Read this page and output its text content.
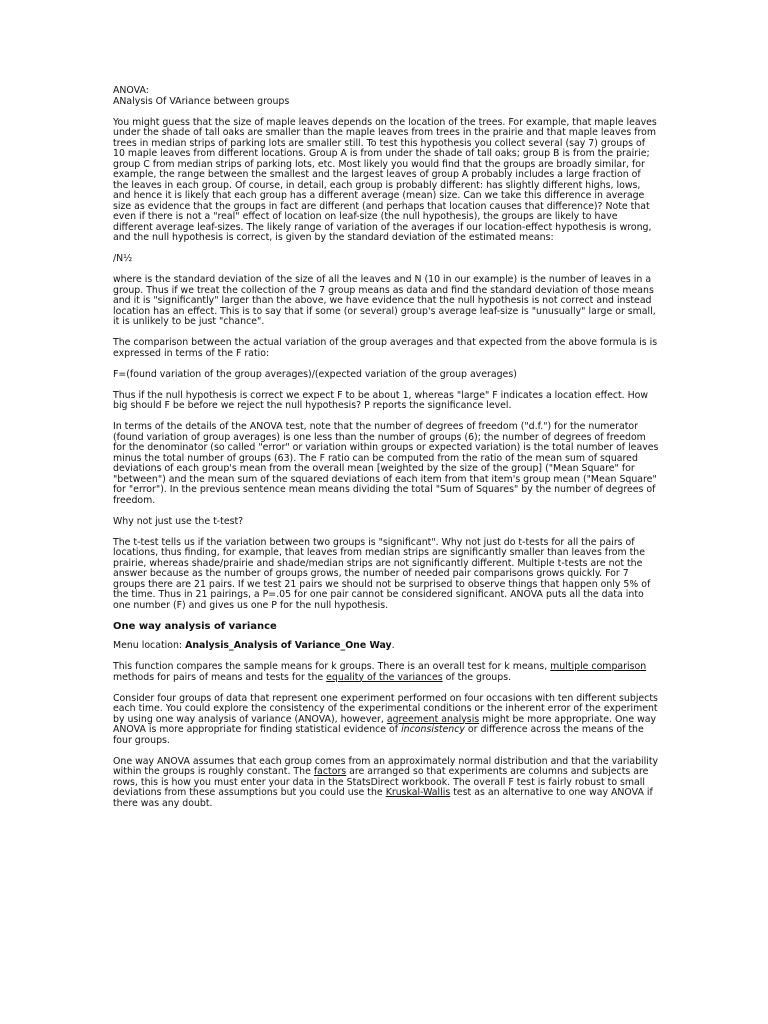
ANOVA:

ANalysis Of VAriance between groups

You might guess that the size of maple leaves depends on the location of the trees. For example, that maple leaves under the shade of tall oaks are smaller than the maple leaves from trees in the prairie and that maple leaves from trees in median strips of parking lots are smaller still. To test this hypothesis you collect several (say 7) groups of 10 maple leaves from different locations. Group A is from under the shade of tall oaks; group B is from the prairie; group C from median strips of parking lots, etc. Most likely you would find that the groups are broadly similar, for example, the range between the smallest and the largest leaves of group A probably includes a large fraction of the leaves in each group. Of course, in detail, each group is probably different: has slightly different highs, lows, and hence it is likely that each group has a different average (mean) size. Can we take this difference in average size as evidence that the groups in fact are different (and perhaps that location causes that difference)? Note that even if there is not a "real" effect of location on leaf-size (the null hypothesis), the groups are likely to have different average leaf-sizes. The likely range of variation of the averages if our location-effect hypothesis is wrong, and the null hypothesis is correct, is given by the standard deviation of the estimated means:

/N½

where is the standard deviation of the size of all the leaves and N (10 in our example) is the number of leaves in a group. Thus if we treat the collection of the 7 group means as data and find the standard deviation of those means and it is "significantly" larger than the above, we have evidence that the null hypothesis is not correct and instead location has an effect. This is to say that if some (or several) group's average leaf-size is "unusually" large or small, it is unlikely to be just "chance".

The comparison between the actual variation of the group averages and that expected from the above formula is is expressed in terms of the F ratio:

F=(found variation of the group averages)/(expected variation of the group averages)

Thus if the null hypothesis is correct we expect F to be about 1, whereas "large" F indicates a location effect. How big should F be before we reject the null hypothesis? P reports the significance level.

In terms of the details of the ANOVA test, note that the number of degrees of freedom ("d.f.") for the numerator (found variation of group averages) is one less than the number of groups (6); the number of degrees of freedom for the denominator (so called "error" or variation within groups or expected variation) is the total number of leaves minus the total number of groups (63). The F ratio can be computed from the ratio of the mean sum of squared deviations of each group's mean from the overall mean [weighted by the size of the group] ("Mean Square" for "between") and the mean sum of the squared deviations of each item from that item's group mean ("Mean Square" for "error"). In the previous sentence mean means dividing the total "Sum of Squares" by the number of degrees of freedom.

Why not just use the t-test?

The t-test tells us if the variation between two groups is "significant". Why not just do t-tests for all the pairs of locations, thus finding, for example, that leaves from median strips are significantly smaller than leaves from the prairie, whereas shade/prairie and shade/median strips are not significantly different. Multiple t-tests are not the answer because as the number of groups grows, the number of needed pair comparisons grows quickly. For 7 groups there are 21 pairs. If we test 21 pairs we should not be surprised to observe things that happen only 5% of the time. Thus in 21 pairings, a P=.05 for one pair cannot be considered significant. ANOVA puts all the data into one number (F) and gives us one P for the null hypothesis.

One way analysis of variance

Menu location: Analysis_Analysis of Variance_One Way.

This function compares the sample means for k groups. There is an overall test for k means, multiple comparison methods for pairs of means and tests for the equality of the variances of the groups.

Consider four groups of data that represent one experiment performed on four occasions with ten different subjects each time. You could explore the consistency of the experimental conditions or the inherent error of the experiment by using one way analysis of variance (ANOVA), however, agreement analysis might be more appropriate. One way ANOVA is more appropriate for finding statistical evidence of inconsistency or difference across the means of the four groups.

One way ANOVA assumes that each group comes from an approximately normal distribution and that the variability within the groups is roughly constant. The factors are arranged so that experiments are columns and subjects are rows, this is how you must enter your data in the StatsDirect workbook. The overall F test is fairly robust to small deviations from these assumptions but you could use the Kruskal-Wallis test as an alternative to one way ANOVA if there was any doubt.
